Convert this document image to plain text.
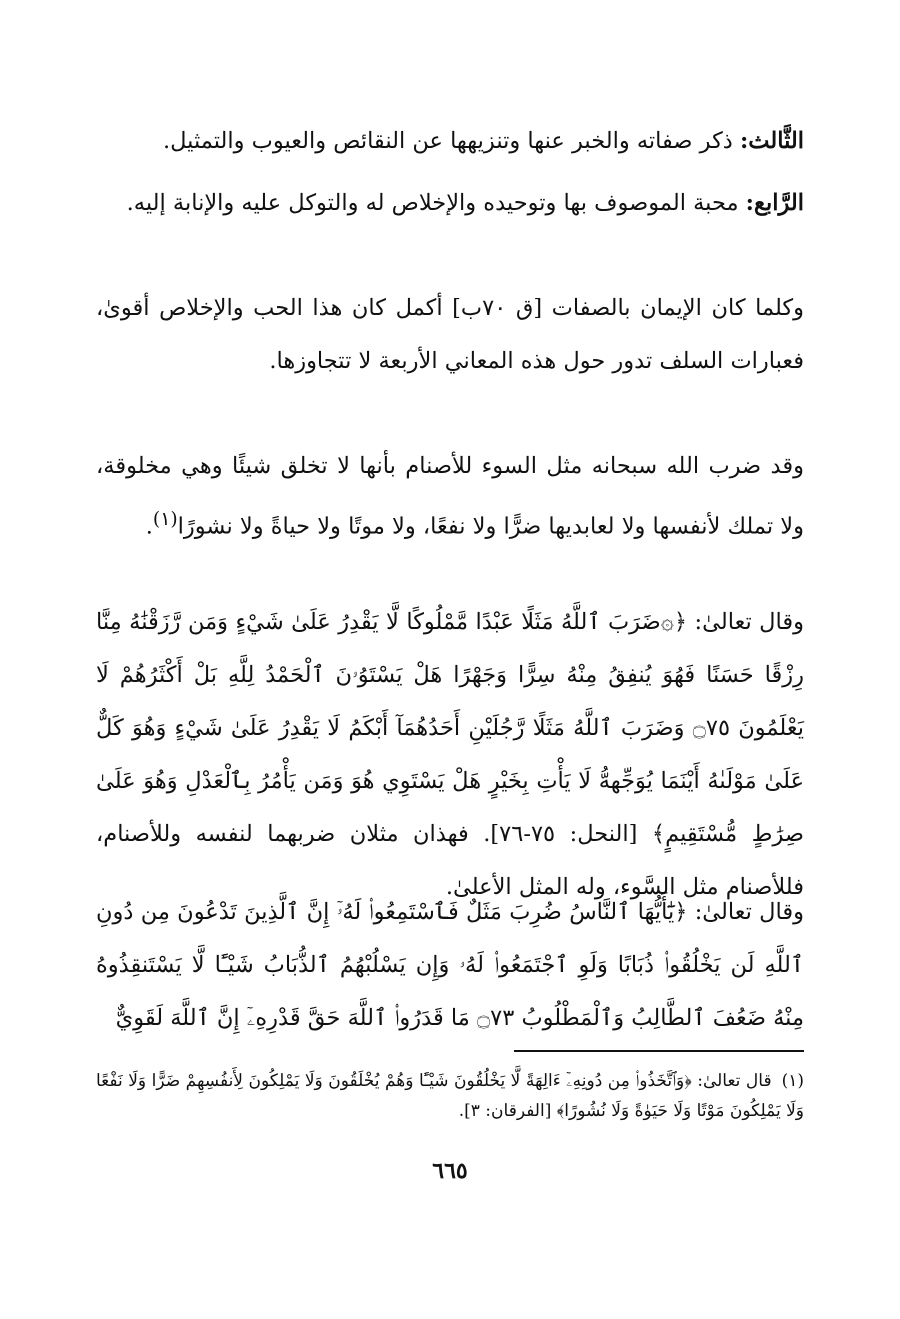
الثَّالث: ذكر صفاته والخبر عنها وتنزيهها عن النقائص والعيوب والتمثيل.

الرَّابع: محبة الموصوف بها وتوحيده والإخلاص له والتوكل عليه والإنابة إليه.

وكلما كان الإيمان بالصفات [ق ٧٠ب] أكمل كان هذا الحب والإخلاص أقوىٰ، فعبارات السلف تدور حول هذه المعاني الأربعة لا تتجاوزها.

وقد ضرب الله سبحانه مثل السوء للأصنام بأنها لا تخلق شيئًا وهي مخلوقة، ولا تملك لأنفسها ولا لعابديها ضرًّا ولا نفعًا، ولا موتًا ولا حياةً ولا نشورًا$^{(١)}$.

وقال تعالىٰ: ﴿۞ضَرَبَ ٱللَّهُ مَثَلًا عَبْدًا مَّمْلُوكًا لَّا يَقْدِرُ عَلَىٰ شَيْءٍ وَمَن رَّزَقْنَٰهُ مِنَّا رِزْقًا حَسَنًا فَهُوَ يُنفِقُ مِنْهُ سِرًّا وَجَهْرًا هَلْ يَسْتَوُۥنَ ٱلْحَمْدُ لِلَّهِ بَلْ أَكْثَرُهُمْ لَا يَعْلَمُونَ ۝٧٥ وَضَرَبَ ٱللَّهُ مَثَلًا رَّجُلَيْنِ أَحَدُهُمَآ أَبْكَمُ لَا يَقْدِرُ عَلَىٰ شَيْءٍ وَهُوَ كَلٌّ عَلَىٰ مَوْلَىٰهُ أَيْنَمَا يُوَجِّههُّ لَا يَأْتِ بِخَيْرٍ هَلْ يَسْتَوِي هُوَ وَمَن يَأْمُرُ بِٱلْعَدْلِ وَهُوَ عَلَىٰ صِرَٰطٍ مُّسْتَقِيمٍ﴾ [النحل: ٧٥-٧٦]. فهذان مثلان ضربهما لنفسه وللأصنام، فللأصنام مثل السَّوء، وله المثل الأعلىٰ.

وقال تعالىٰ: ﴿يَٰٓأَيُّهَا ٱلنَّاسُ ضُرِبَ مَثَلٌ فَٱسْتَمِعُوا۟ لَهُۥٓ إِنَّ ٱلَّذِينَ تَدْعُونَ مِن دُونِ ٱللَّهِ لَن يَخْلُقُوا۟ ذُبَابًا وَلَوِ ٱجْتَمَعُوا۟ لَهُۥ وَإِن يَسْلُبْهُمُ ٱلذُّبَابُ شَيْـًٔا لَّا يَسْتَنقِذُوهُ مِنْهُ ضَعُفَ ٱلطَّالِبُ وَٱلْمَطْلُوبُ ۝٧٣ مَا قَدَرُوا۟ ٱللَّهَ حَقَّ قَدْرِهِۦٓ إِنَّ ٱللَّهَ لَقَوِيٌّ

(١)قال تعالىٰ: ﴿وَٱتَّخَذُوا۟ مِن دُونِهِۦٓ ءَالِهَةً لَّا يَخْلُقُونَ شَيْـًٔا وَهُمْ يُخْلَقُونَ وَلَا يَمْلِكُونَ لِأَنفُسِهِمْ ضَرًّا وَلَا نَفْعًا وَلَا يَمْلِكُونَ مَوْتًا وَلَا حَيَوٰةً وَلَا نُشُورًا﴾ [الفرقان: ٣].

٦٦٥
